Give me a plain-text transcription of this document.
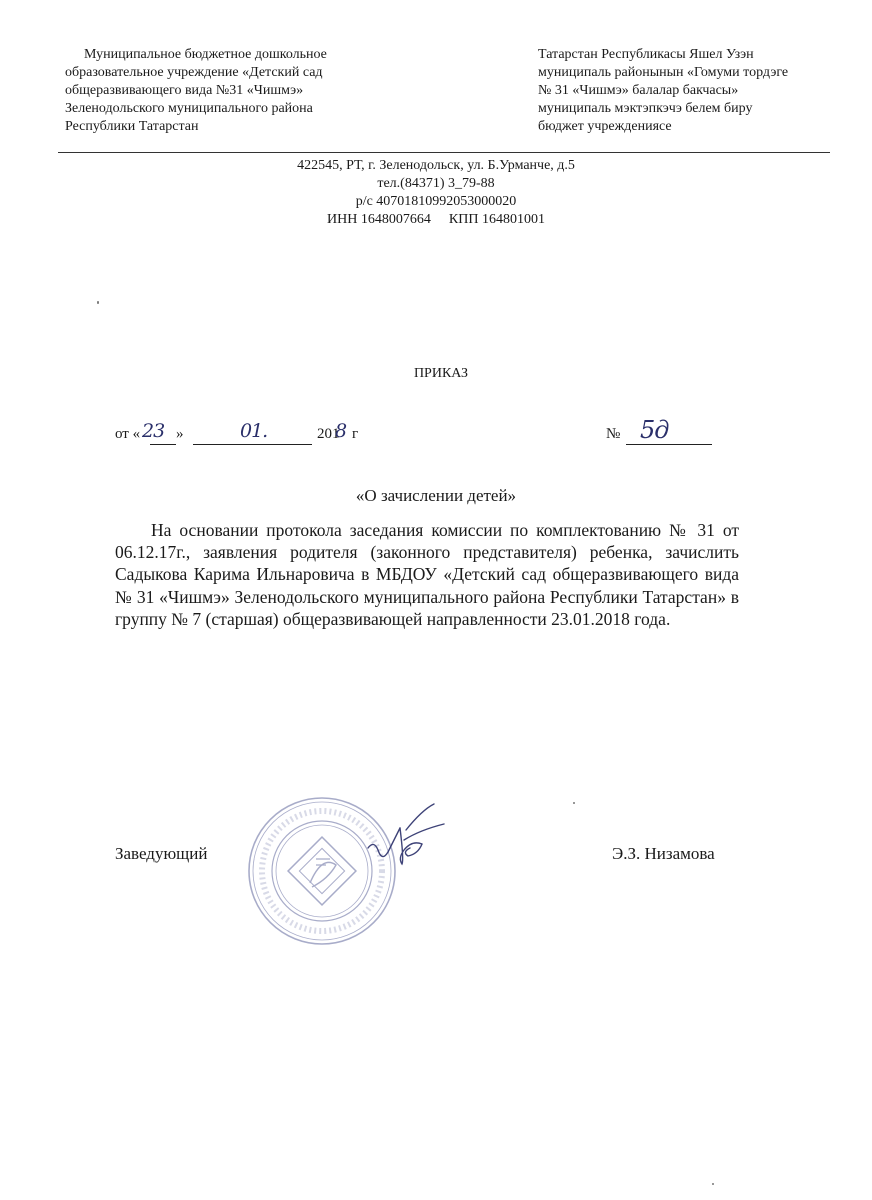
Муниципальное бюджетное дошкольное
образовательное учреждение «Детский сад
общеразвивающего вида №31 «Чишмэ»
Зеленодольского муниципального района
Республики Татарстан
Татарстан Республикасы Яшел Узэн
муниципаль районынын «Гомуми тордэге
№ 31 «Чишмэ» балалар бакчасы»
муниципаль мэктэпкэчэ белем биру
бюджет учреждениясе
422545, РТ, г. Зеленодольск, ул. Б.Урманче, д.5
тел.(84371) 3_79-88
р/с 40701810992053000020
ИНН 1648007664 КПП 164801001
ПРИКАЗ
от « 23 »	01.	201
8 г	№ 5д
«О зачислении детей»
На основании протокола заседания комиссии по комплектованию № 31 от 06.12.17г., заявления родителя (законного представителя) ребенка, зачислить Садыкова Карима Ильнаровича в МБДОУ «Детский сад общеразвивающего вида № 31 «Чишмэ» Зеленодольского муниципального района Республики Татарстан» в группу № 7 (старшая) общеразвивающей направленности 23.01.2018 года.
Заведующий	Э.З. Низамова
